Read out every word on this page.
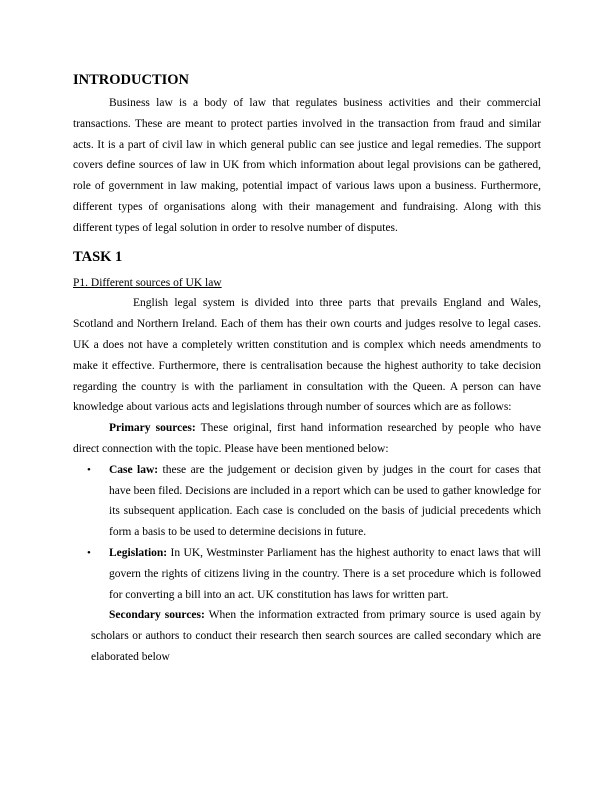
INTRODUCTION

Business law is a body of law that regulates business activities and their commercial transactions. These are meant to protect parties involved in the transaction from fraud and similar acts. It is a part of civil law in which general public can see justice and legal remedies. The support covers define sources of law in UK from which information about legal provisions can be gathered, role of government in law making, potential impact of various laws upon a business. Furthermore, different types of organisations along with their management and fundraising. Along with this different types of legal solution in order to resolve number of disputes.

TASK 1

P1. Different sources of UK law

English legal system is divided into three parts that prevails England and Wales, Scotland and Northern Ireland. Each of them has their own courts and judges resolve to legal cases. UK a does not have a completely written constitution and is complex which needs amendments to make it effective. Furthermore, there is centralisation because the highest authority to take decision regarding the country is with the parliament in consultation with the Queen. A person can have knowledge about various acts and legislations through number of sources which are as follows:

Primary sources: These original, first hand information researched by people who have direct connection with the topic. Please have been mentioned below:

• Case law: these are the judgement or decision given by judges in the court for cases that have been filed. Decisions are included in a report which can be used to gather knowledge for its subsequent application. Each case is concluded on the basis of judicial precedents which form a basis to be used to determine decisions in future.
• Legislation: In UK, Westminster Parliament has the highest authority to enact laws that will govern the rights of citizens living in the country. There is a set procedure which is followed for converting a bill into an act. UK constitution has laws for written part.

Secondary sources: When the information extracted from primary source is used again by scholars or authors to conduct their research then search sources are called secondary which are elaborated below
